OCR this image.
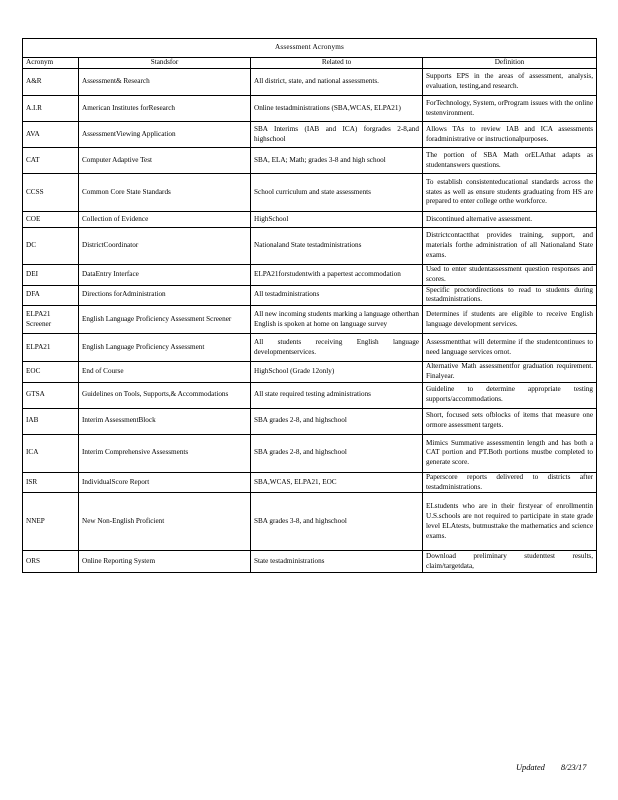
Assessment Acronyms			
Acronym	Standsfor	Related to	Definition
A&R	Assessment& Research	All district, state, and national assessments.	Supports EPS in the areas of assessment, analysis, evaluation, testing,and research.
A.I.R	American Institutes forResearch	Online testadministrations (SBA,WCAS, ELPA21)	ForTechnology, System, orProgram issues with the online testenvironment.
AVA	AssessmentViewing Application	SBA Interims (IAB and ICA) forgrades 2-8,and highschool	Allows TAs to review IAB and ICA assessments foradministrative or instructionalpurposes.
CAT	Computer Adaptive Test	SBA, ELA; Math; grades 3-8 and high school	The portion of SBA Math orELAthat adapts as studentanswers questions.
CCSS	Common Core State Standards	School curriculum and state assessments	To establish consistenteducational standards across the states as well as ensure students graduating from HS are prepared to enter college orthe workforce.
COE	Collection of Evidence	HighSchool	Discontinued alternative assessment.
DC	DistrictCoordinator	Nationaland State testadministrations	Districtcontactthat provides training, support, and materials forthe administration of all Nationaland State exams.
DEI	DataEntry Interface	ELPA21forstudentwith a papertest accommodation	Used to enter studentassessment question responses and scores.
DFA	Directions forAdministration	All testadministrations	Specific proctordirections to read to students during testadministrations.
ELPA21 Screener	English Language Proficiency Assessment Screener	All new incoming students marking a language otherthan English is spoken at home on language survey	Determines if students are eligible to receive English language development services.
ELPA21	English Language Proficiency Assessment	All students receiving English language developmentservices.	Assessmentthat will determine if the studentcontinues to need language services ornot.
EOC	End of Course	HighSchool (Grade 12only)	Alternative Math assessmentfor graduation requirement. Finalyear.
GTSA	Guidelines on Tools, Supports,& Accommodations	All state required testing administrations	Guideline to determine appropriate testing supports/accommodations.
IAB	Interim AssessmentBlock	SBA grades 2-8, and highschool	Short, focused sets ofblocks of items that measure one ormore assessment targets.
ICA	Interim Comprehensive Assessments	SBA grades 2-8, and highschool	Mimics Summative assessmentin length and has both a CAT portion and PT.Both portions mustbe completed to generate score.
ISR	IndividualScore Report	SBA,WCAS, ELPA21, EOC	Paperscore reports delivered to districts after testadministrations.
NNEP	New Non-English Proficient	SBA grades 3-8, and highschool	ELstudents who are in their firstyear of enrollmentin U.S.schools are not required to participate in state grade level ELAtests, butmusttake the mathematics and science exams.
ORS	Online Reporting System	State testadministrations	Download preliminary studenttest results, claim/targetdata,
Updated 8/23/17
